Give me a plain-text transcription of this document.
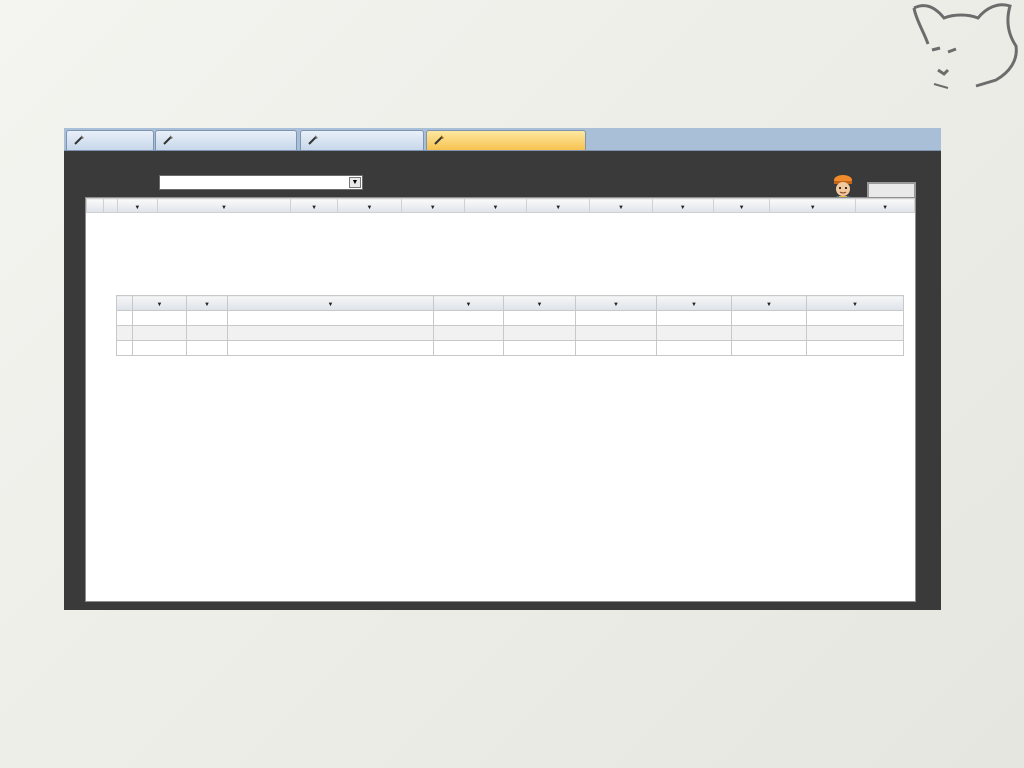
▼
		▼	▼	▼	▼	▼	▼	▼	▼	▼	▼	▼	▼

	▼	▼	▼	▼	▼	▼	▼	▼	▼
